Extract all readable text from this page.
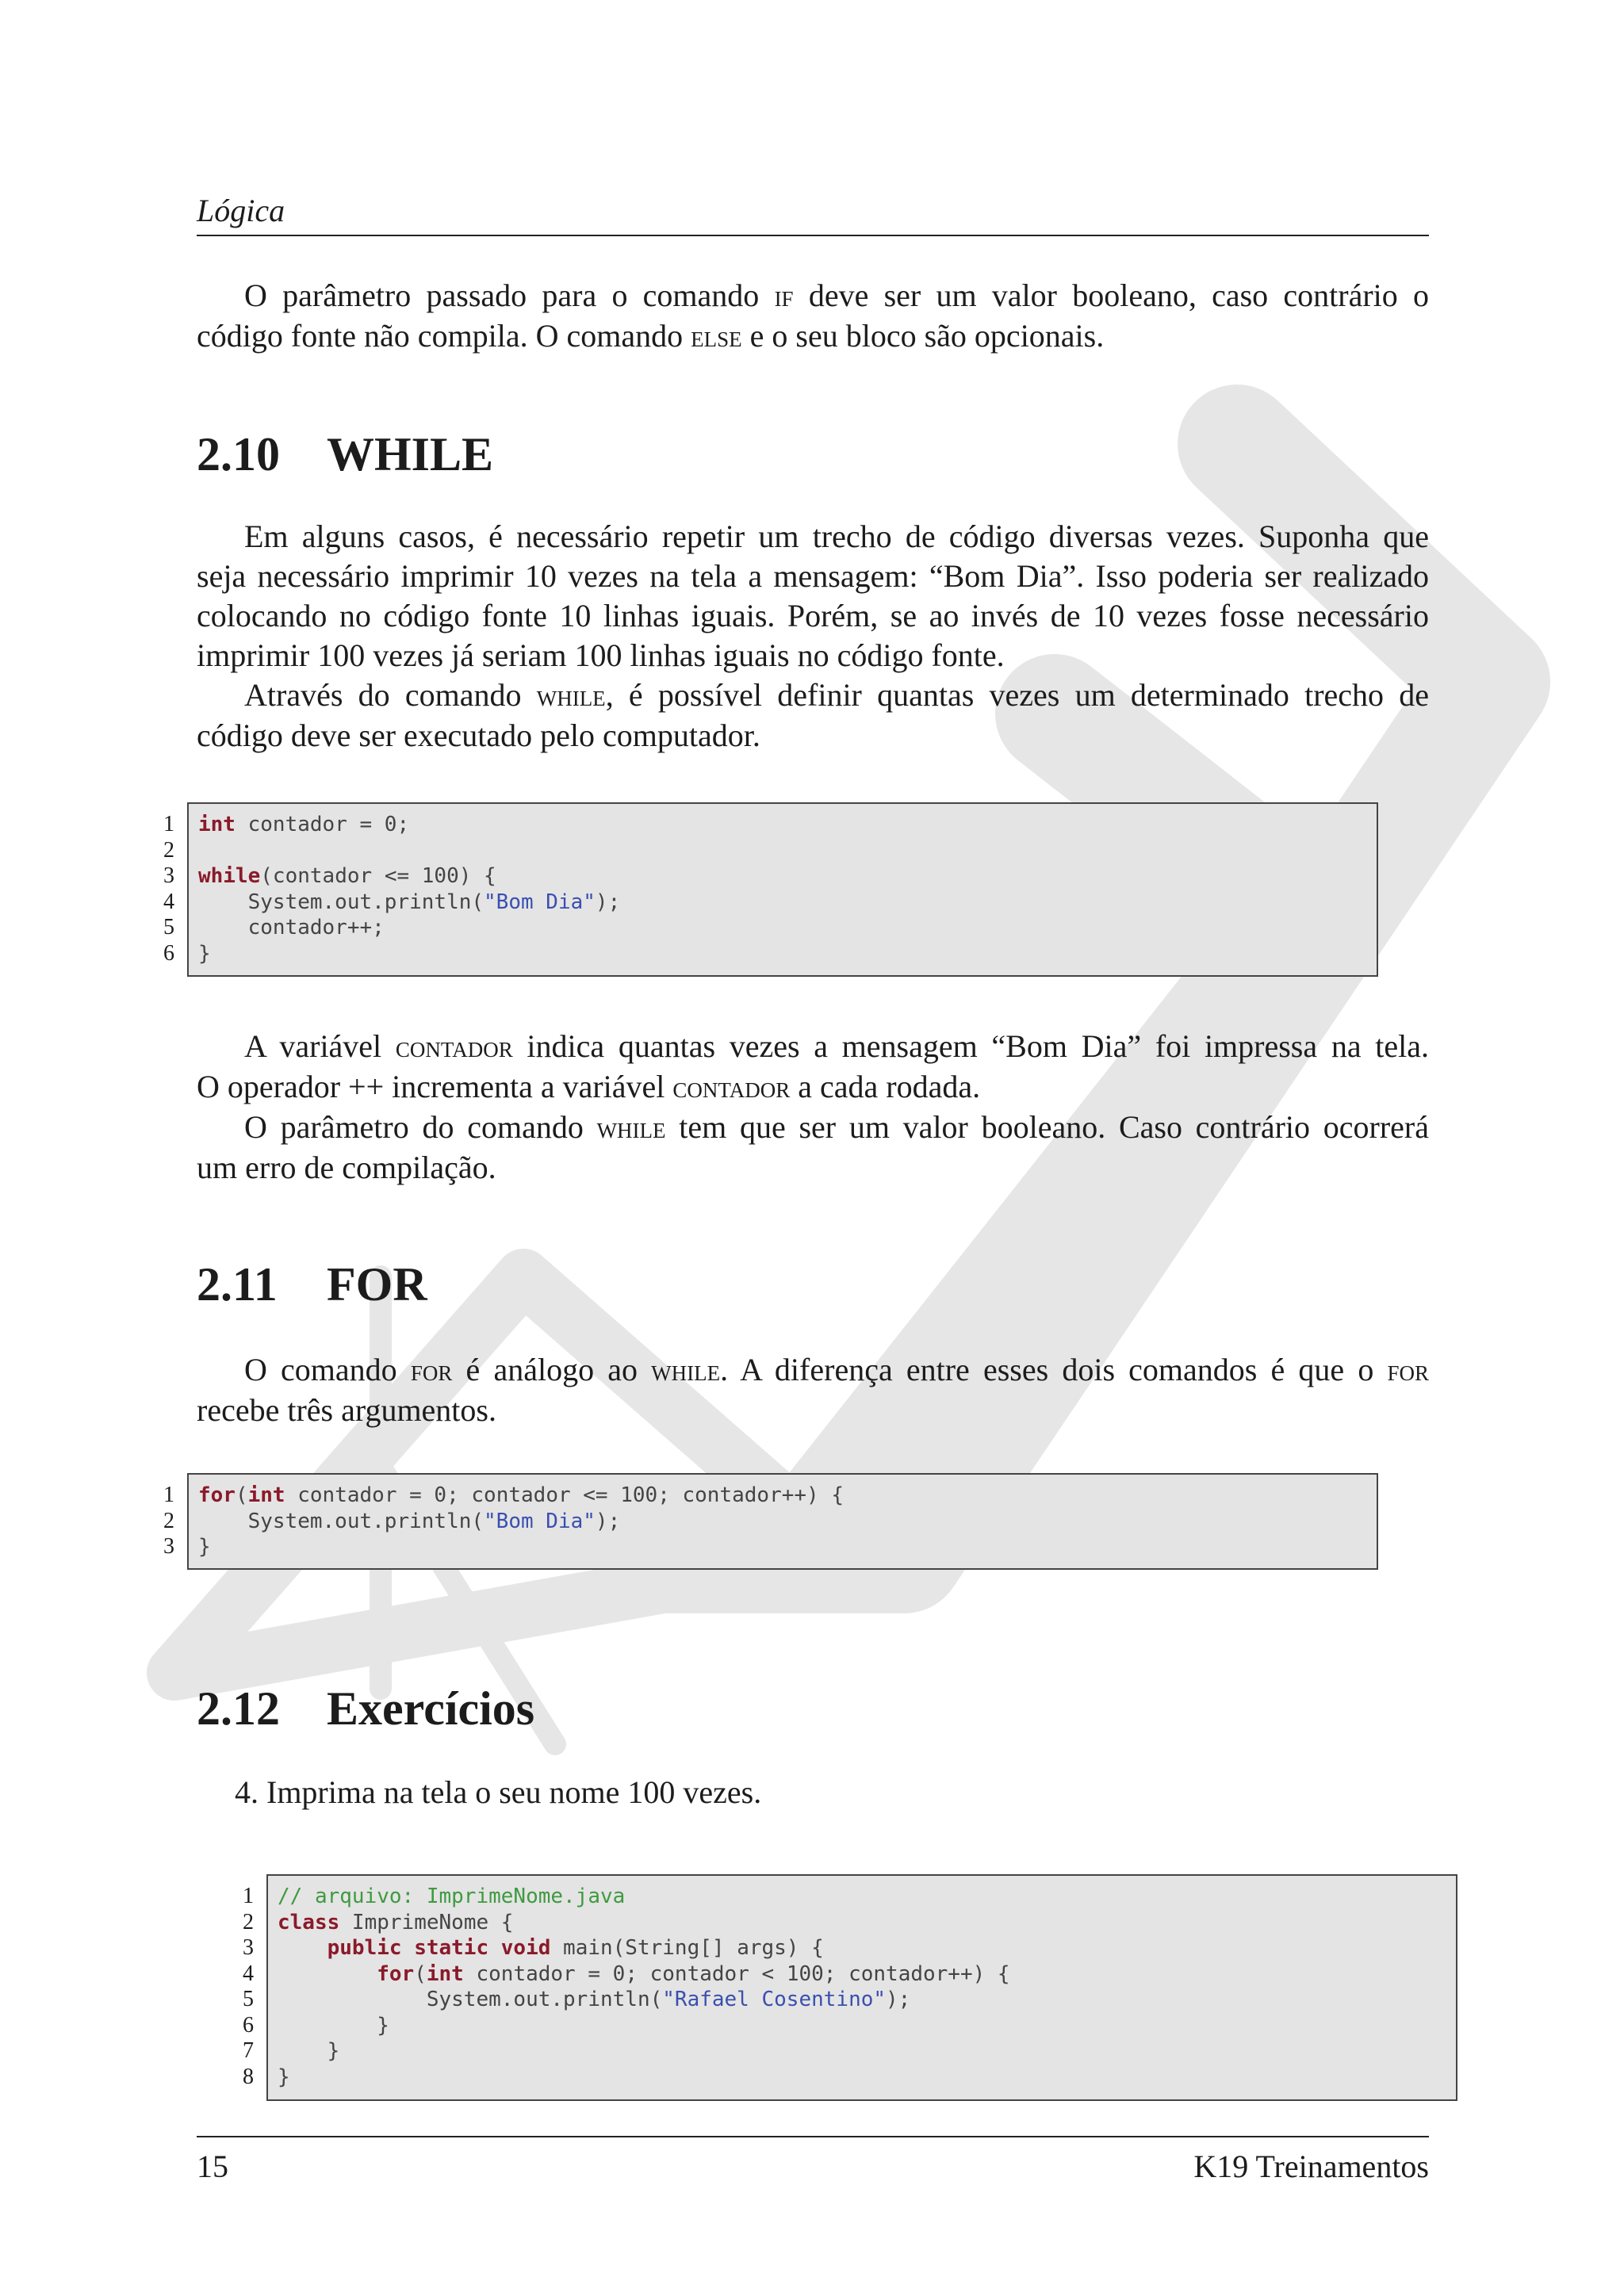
Lógica
O parâmetro passado para o comando if deve ser um valor booleano, caso contrário o
código fonte não compila. O comando else e o seu bloco são opcionais.
2.10 WHILE
Em alguns casos, é necessário repetir um trecho de código diversas vezes. Suponha que
seja necessário imprimir 10 vezes na tela a mensagem: “Bom Dia”. Isso poderia ser realizado
colocando no código fonte 10 linhas iguais. Porém, se ao invés de 10 vezes fosse necessário
imprimir 100 vezes já seriam 100 linhas iguais no código fonte.
Através do comando while, é possível definir quantas vezes um determinado trecho de
código deve ser executado pelo computador.
1
2
3
4
5
6
int contador = 0;
while(contador <= 100) {
System.out.println("Bom Dia");
contador++;
}
A variável contador indica quantas vezes a mensagem “Bom Dia” foi impressa na tela.
O operador ++ incrementa a variável contador a cada rodada.
O parâmetro do comando while tem que ser um valor booleano. Caso contrário ocorrerá
um erro de compilação.
2.11 FOR
O comando for é análogo ao while. A diferença entre esses dois comandos é que o for
recebe três argumentos.
1
2
3
for(int contador = 0; contador <= 100; contador++) {
System.out.println("Bom Dia");
}
2.12 Exercícios
4. Imprima na tela o seu nome 100 vezes.
1
2
3
4
5
6
7
8
// arquivo: ImprimeNome.java
class ImprimeNome {
public static void main(String[] args) {
for(int contador = 0; contador < 100; contador++) {
System.out.println("Rafael Cosentino");
}
}
}
15	K19 Treinamentos
